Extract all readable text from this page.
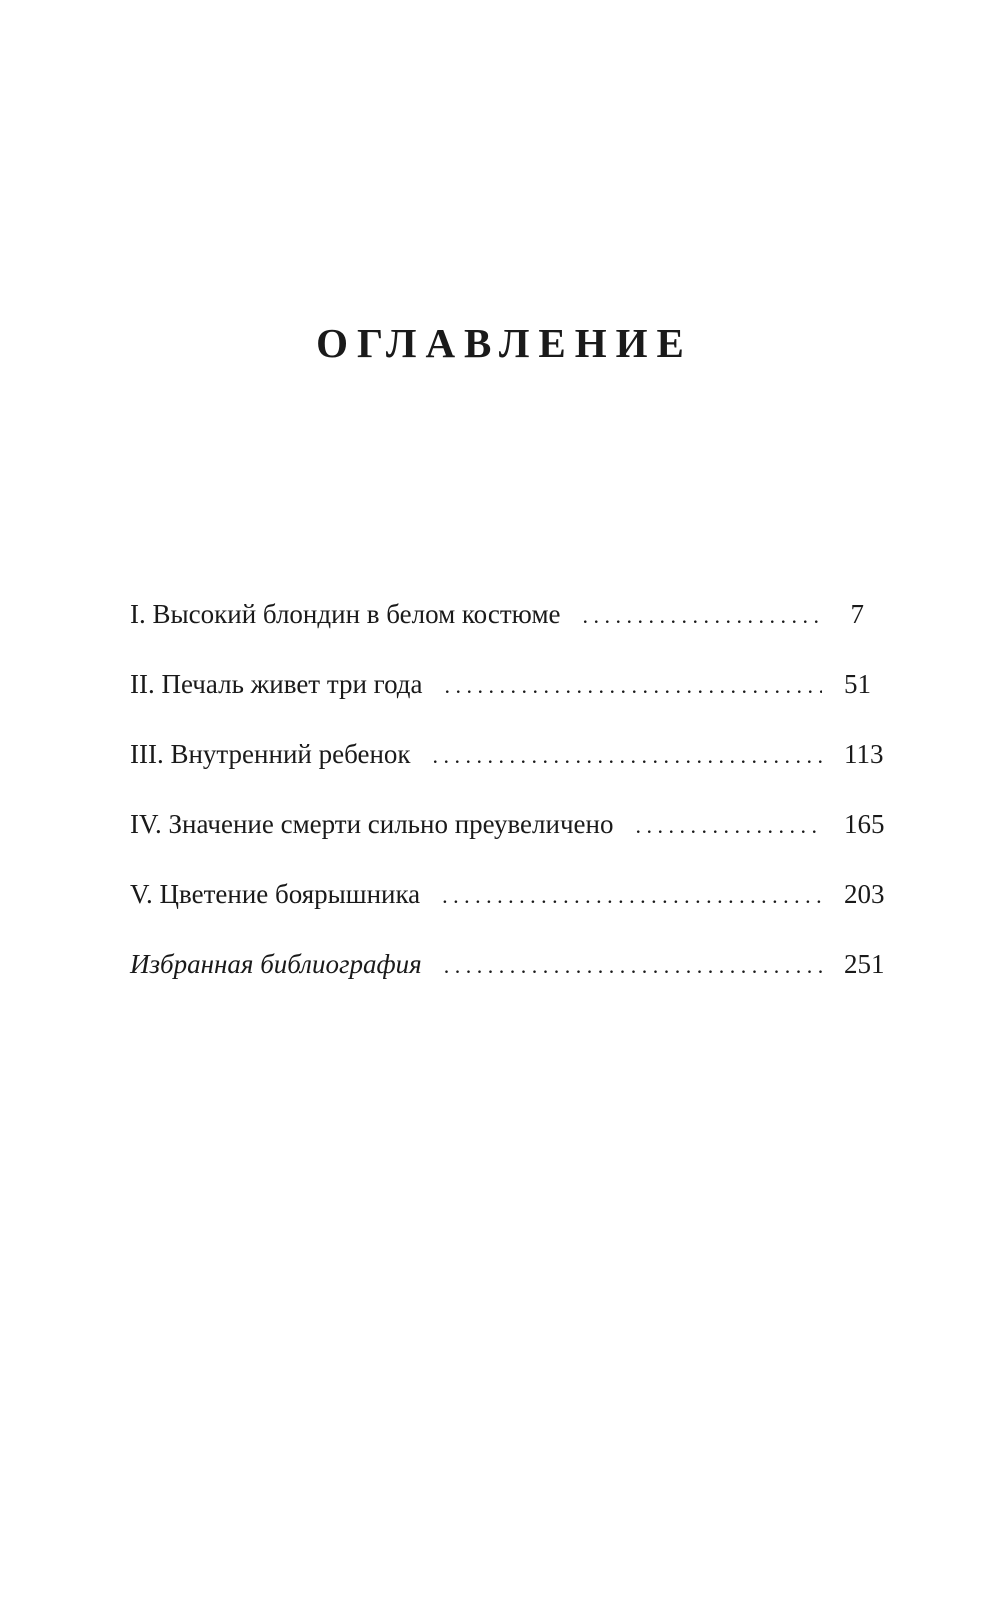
ОГЛАВЛЕНИЕ
I. Высокий блондин в белом костюме . . .	7
II. Печаль живет три года . . .	51
III. Внутренний ребенок . . .	113
IV. Значение смерти сильно преувеличено . . .	165
V. Цветение боярышника . . .	203
Избранная библиография . . .	251
